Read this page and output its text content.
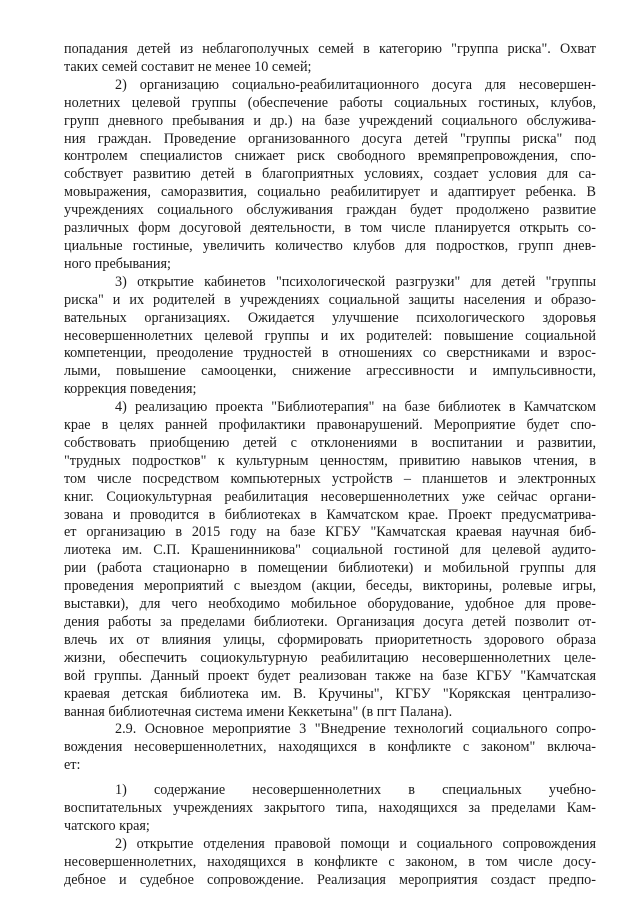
попадания детей из неблагополучных семей в категорию "группа риска". Охват
таких семей составит не менее 10 семей;
2) организацию социально-реабилитационного досуга для несовершен-
нолетних целевой группы (обеспечение работы социальных гостиных, клубов,
групп дневного пребывания и др.) на базе учреждений социального обслужива-
ния граждан. Проведение организованного досуга детей "группы риска" под
контролем специалистов снижает риск свободного времяпрепровождения, спо-
собствует развитию детей в благоприятных условиях, создает условия для са-
мовыражения, саморазвития, социально реабилитирует и адаптирует ребенка. В
учреждениях социального обслуживания граждан будет продолжено развитие
различных форм досуговой деятельности, в том числе планируется открыть со-
циальные гостиные, увеличить количество клубов для подростков, групп днев-
ного пребывания;
3) открытие кабинетов "психологической разгрузки" для детей "группы
риска" и их родителей в учреждениях социальной защиты населения и образо-
вательных организациях. Ожидается улучшение психологического здоровья
несовершеннолетних целевой группы и их родителей: повышение социальной
компетенции, преодоление трудностей в отношениях со сверстниками и взрос-
лыми, повышение самооценки, снижение агрессивности и импульсивности,
коррекция поведения;
4) реализацию проекта "Библиотерапия" на базе библиотек в Камчатском
крае в целях ранней профилактики правонарушений. Мероприятие будет спо-
собствовать приобщению детей с отклонениями в воспитании и развитии,
"трудных подростков" к культурным ценностям, привитию навыков чтения, в
том числе посредством компьютерных устройств – планшетов и электронных
книг. Социокультурная реабилитация несовершеннолетних уже сейчас органи-
зована и проводится в библиотеках в Камчатском крае. Проект предусматрива-
ет организацию в 2015 году на базе КГБУ "Камчатская краевая научная биб-
лиотека им. С.П. Крашенинникова" социальной гостиной для целевой аудито-
рии (работа стационарно в помещении библиотеки) и мобильной группы для
проведения мероприятий с выездом (акции, беседы, викторины, ролевые игры,
выставки), для чего необходимо мобильное оборудование, удобное для прове-
дения работы за пределами библиотеки. Организация досуга детей позволит от-
влечь их от влияния улицы, сформировать приоритетность здорового образа
жизни, обеспечить социокультурную реабилитацию несовершеннолетних целе-
вой группы. Данный проект будет реализован также на базе КГБУ "Камчатская
краевая детская библиотека им. В. Кручины", КГБУ "Корякская централизо-
ванная библиотечная система имени Кеккетына" (в пгт Палана).
2.9. Основное мероприятие 3 "Внедрение технологий социального сопро-
вождения несовершеннолетних, находящихся в конфликте с законом" включа-
ет:
1) содержание несовершеннолетних в специальных учебно-
воспитательных учреждениях закрытого типа, находящихся за пределами Кам-
чатского края;
2) открытие отделения правовой помощи и социального сопровождения
несовершеннолетних, находящихся в конфликте с законом, в том числе досу-
дебное и судебное сопровождение. Реализация мероприятия создаст предпо-
